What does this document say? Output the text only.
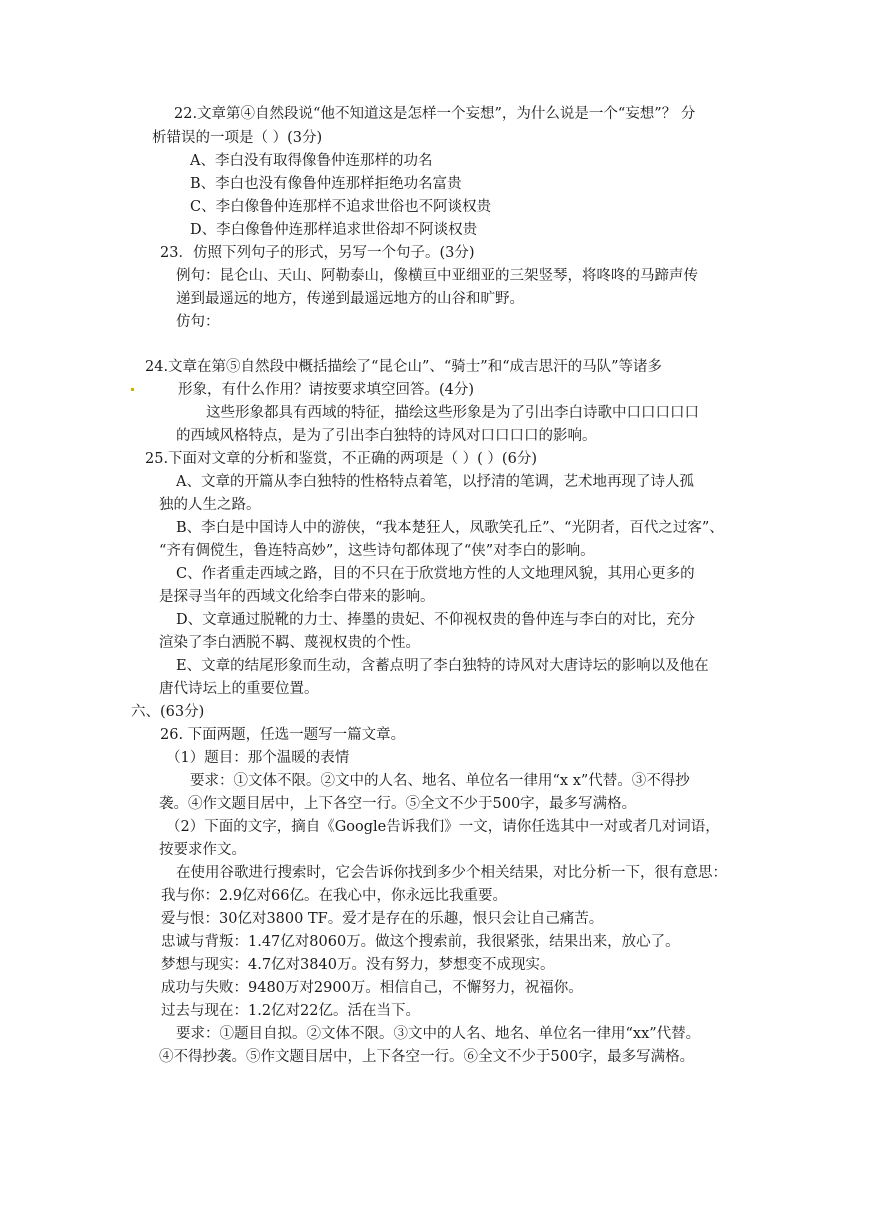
22.文章第④自然段说“他不知道这是怎样一个妄想”，为什么说是一个“妄想”？ 分
析错误的一项是（ ）(3分)
A、李白没有取得像鲁仲连那样的功名
B、李白也没有像鲁仲连那样拒绝功名富贵
C、李白像鲁仲连那样不追求世俗也不阿谈权贵
D、李白像鲁仲连那样追求世俗却不阿谈权贵
23．仿照下列句子的形式，另写一个句子。(3分)
例句：昆仑山、天山、阿勒泰山，像横亘中亚细亚的三架竖琴，将咚咚的马蹄声传
递到最遥远的地方，传递到最遥远地方的山谷和旷野。
仿句：
24.文章在第⑤自然段中概括描绘了“昆仑山”、“骑士”和“成吉思汗的马队”等诸多
形象，有什么作用？请按要求填空回答。(4分)
这些形象都具有西域的特征，描绘这些形象是为了引出李白诗歌中口口口口口
的西域风格特点，是为了引出李白独特的诗风对口口口口的影响。
25.下面对文章的分析和鉴赏，不正确的两项是（ ）( ）(6分)
A、文章的开篇从李白独特的性格特点着笔，以抒清的笔调，艺术地再现了诗人孤
独的人生之路。
B、李白是中国诗人中的游侠，“我本楚狂人，凤歌笑孔丘”、“光阴者，百代之过客”、
“齐有倜傥生，鲁连特高妙”，这些诗句都体现了“侠”对李白的影响。
C、作者重走西域之路，目的不只在于欣赏地方性的人文地理风貌，其用心更多的
是探寻当年的西域文化给李白带来的影响。
D、文章通过脱靴的力士、捧墨的贵妃、不仰视权贵的鲁仲连与李白的对比，充分
渲染了李白洒脱不羁、蔑视权贵的个性。
E、文章的结尾形象而生动，含蓄点明了李白独特的诗风对大唐诗坛的影响以及他在
唐代诗坛上的重要位置。
六、(63分)
26. 下面两题，任选一题写一篇文章。
（1）题目：那个温暖的表情
要求：①文体不限。②文中的人名、地名、单位名一律用“x x”代替。③不得抄
袭。④作文题目居中，上下各空一行。⑤全文不少于500字，最多写满格。
（2）下面的文字，摘自《Google告诉我们》一文，请你任选其中一对或者几对词语，
按要求作文。
在使用谷歌进行搜索时，它会告诉你找到多少个相关结果，对比分析一下，很有意思：
我与你：2.9亿对66亿。在我心中，你永远比我重要。
爱与恨：30亿对3800 TF。爱才是存在的乐趣，恨只会让自己痛苦。
忠诚与背叛：1.47亿对8060万。做这个搜索前，我很紧张，结果出来，放心了。
梦想与现实：4.7亿对3840万。没有努力，梦想变不成现实。
成功与失败：9480万对2900万。相信自己，不懈努力，祝福你。
过去与现在：1.2亿对22亿。活在当下。
要求：①题目自拟。②文体不限。③文中的人名、地名、单位名一律用“xx”代替。
④不得抄袭。⑤作文题目居中，上下各空一行。⑥全文不少于500字，最多写满格。
